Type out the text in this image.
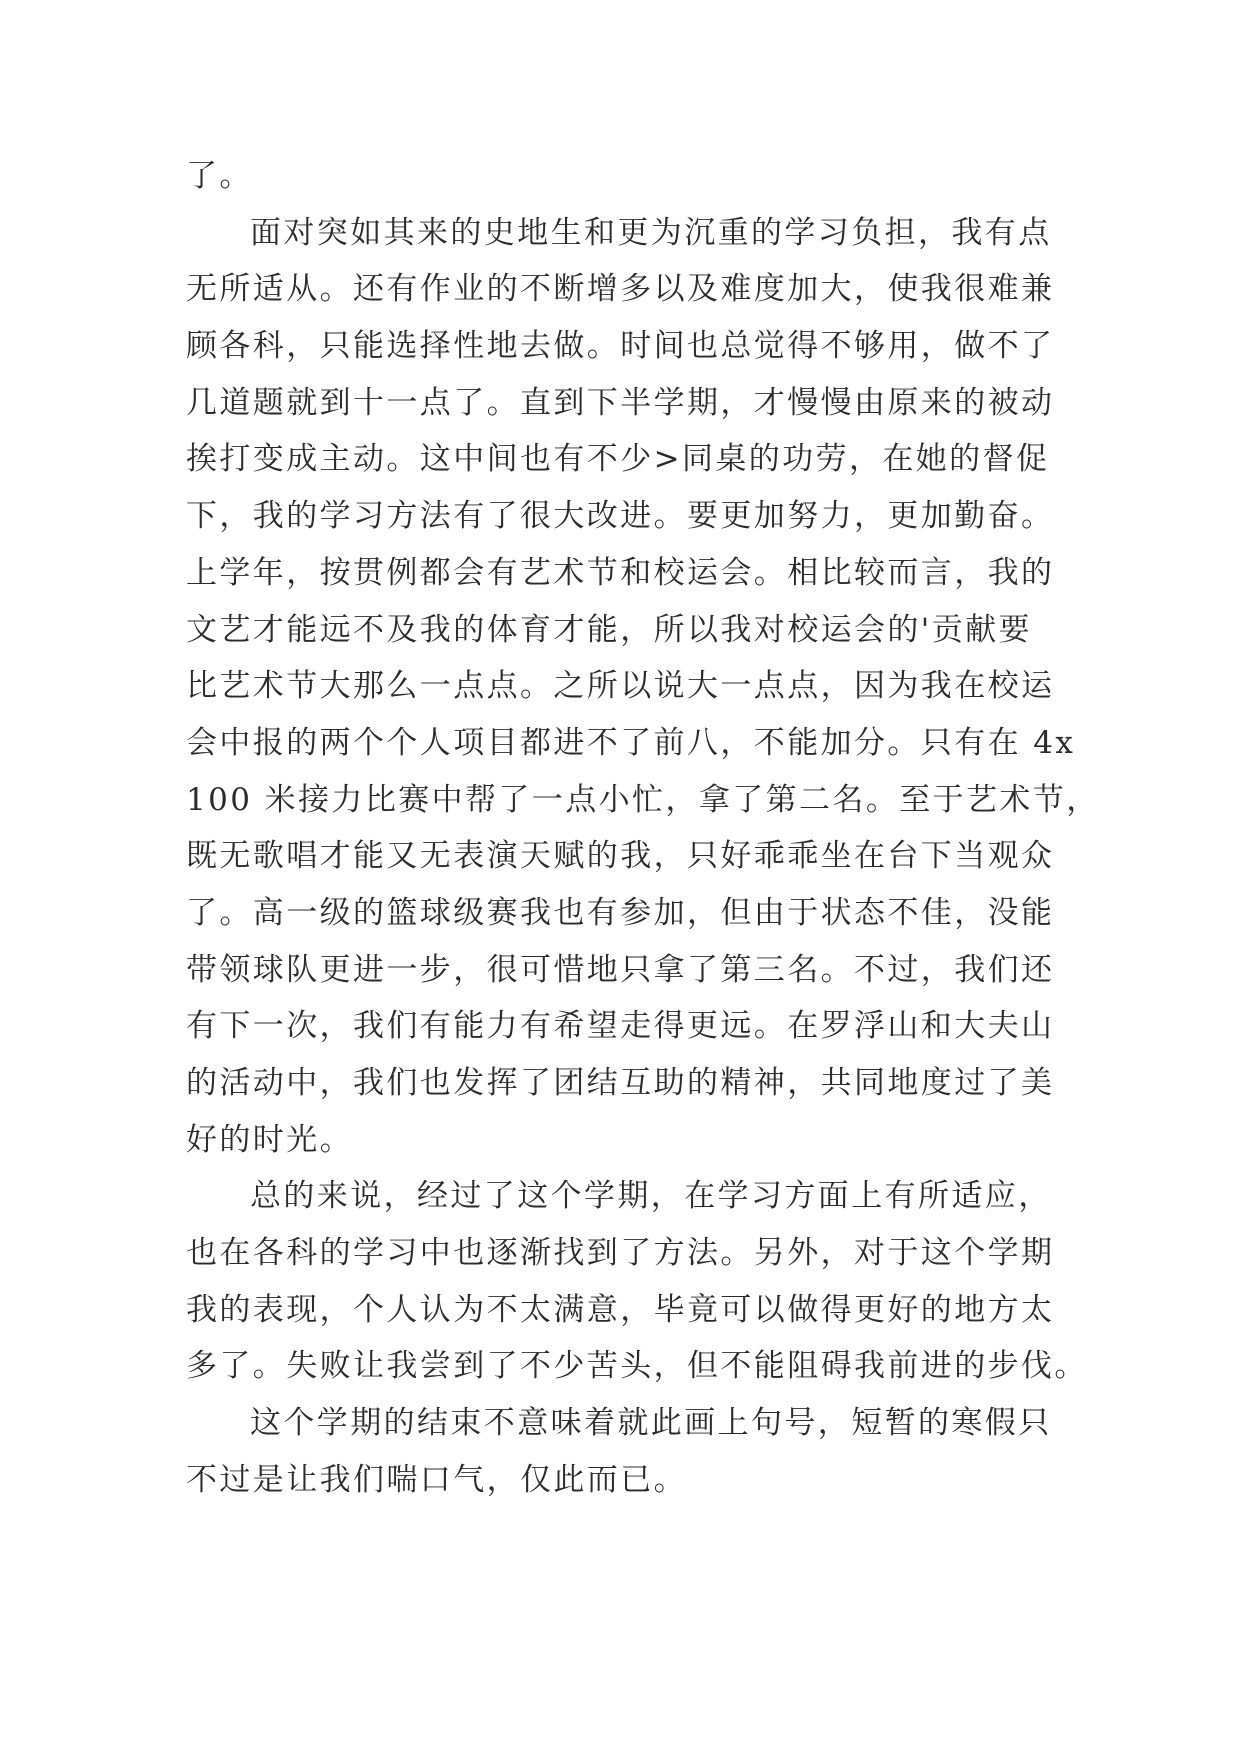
了。
面对突如其来的史地生和更为沉重的学习负担，我有点
无所适从。还有作业的不断增多以及难度加大，使我很难兼
顾各科，只能选择性地去做。时间也总觉得不够用，做不了
几道题就到十一点了。直到下半学期，才慢慢由原来的被动
挨打变成主动。这中间也有不少>同桌的功劳，在她的督促
下，我的学习方法有了很大改进。要更加努力，更加勤奋。
上学年，按贯例都会有艺术节和校运会。相比较而言，我的
文艺才能远不及我的体育才能，所以我对校运会的'贡献要
比艺术节大那么一点点。之所以说大一点点，因为我在校运
会中报的两个个人项目都进不了前八，不能加分。只有在 4x
100 米接力比赛中帮了一点小忙，拿了第二名。至于艺术节，
既无歌唱才能又无表演天赋的我，只好乖乖坐在台下当观众
了。高一级的篮球级赛我也有参加，但由于状态不佳，没能
带领球队更进一步，很可惜地只拿了第三名。不过，我们还
有下一次，我们有能力有希望走得更远。在罗浮山和大夫山
的活动中，我们也发挥了团结互助的精神，共同地度过了美
好的时光。
总的来说，经过了这个学期，在学习方面上有所适应，
也在各科的学习中也逐渐找到了方法。另外，对于这个学期
我的表现，个人认为不太满意，毕竟可以做得更好的地方太
多了。失败让我尝到了不少苦头，但不能阻碍我前进的步伐。
这个学期的结束不意味着就此画上句号，短暂的寒假只
不过是让我们喘口气，仅此而已。
